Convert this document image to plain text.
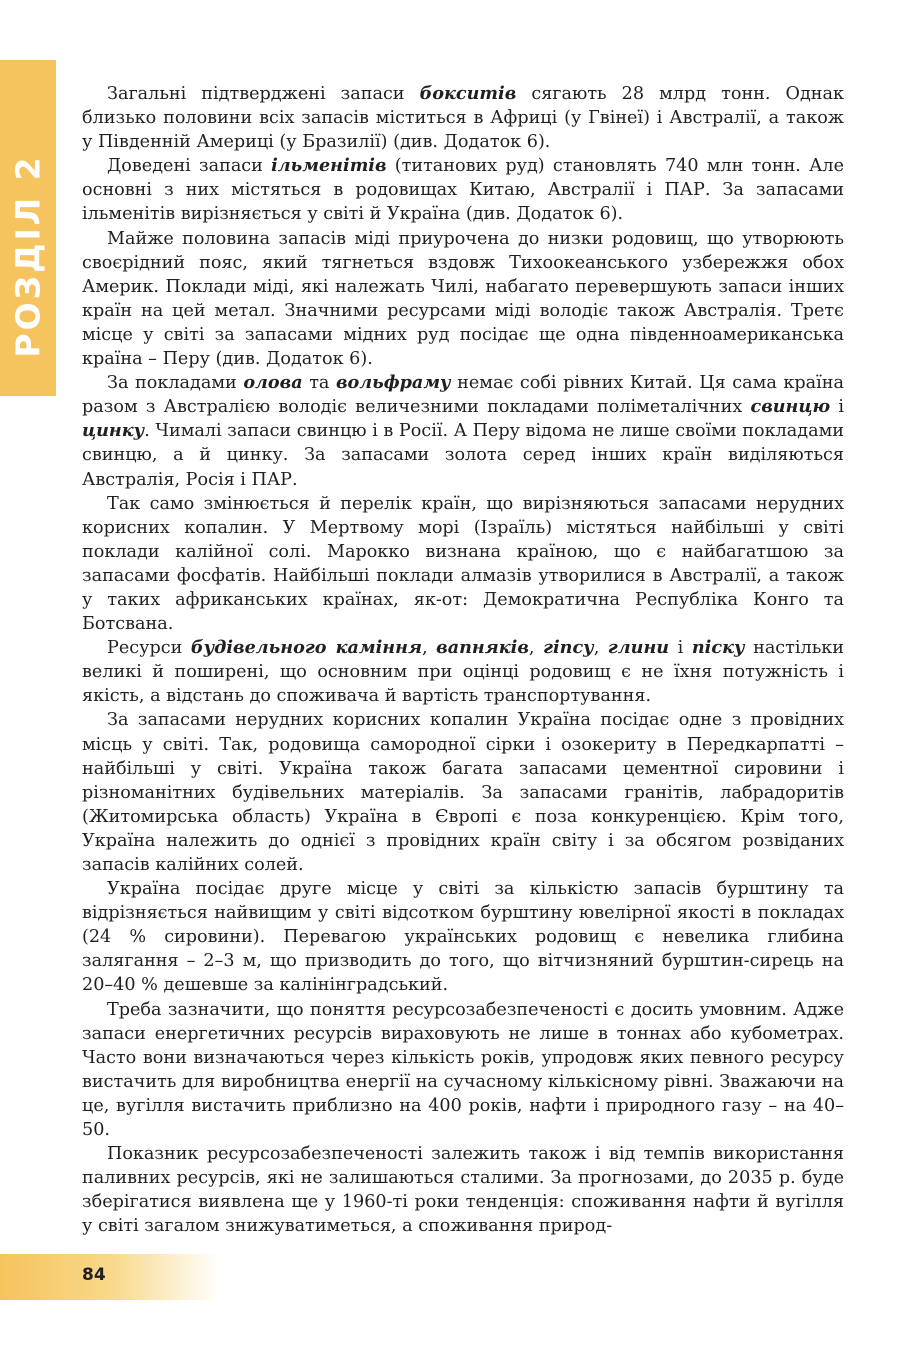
РОЗДІЛ 2

Загальні підтверджені запаси бокситів сягають 28 млрд тонн. Однак близько половини всіх запасів міститься в Африці (у Гвінеї) і Австралії, а також у Південній Америці (у Бразилії) (див. Додаток 6).

Доведені запаси ільменітів (титанових руд) становлять 740 млн тонн. Але основні з них містяться в родовищах Китаю, Австралії і ПАР. За запасами ільменітів вирізняється у світі й Україна (див. Додаток 6).

Майже половина запасів міді приурочена до низки родовищ, що утворюють своєрідний пояс, який тягнеться вздовж Тихоокеанського узбережжя обох Америк. Поклади міді, які належать Чилі, набагато перевершують запаси інших країн на цей метал. Значними ресурсами міді володіє також Австралія. Третє місце у світі за запасами мідних руд посідає ще одна південноамериканська країна – Перу (див. Додаток 6).

За покладами олова та вольфраму немає собі рівних Китай. Ця сама країна разом з Австралією володіє величезними покладами поліметалічних свинцю і цинку. Чималі запаси свинцю і в Росії. А Перу відома не лише своїми покладами свинцю, а й цинку. За запасами золота серед інших країн виділяються Австралія, Росія і ПАР.

Так само змінюється й перелік країн, що вирізняються запасами нерудних корисних копалин. У Мертвому морі (Ізраїль) містяться найбільші у світі поклади калійної солі. Марокко визнана країною, що є найбагатшою за запасами фосфатів. Найбільші поклади алмазів утворилися в Австралії, а також у таких африканських країнах, як-от: Демократична Республіка Конго та Ботсвана.

Ресурси будівельного каміння, вапняків, гіпсу, глини і піску настільки великі й поширені, що основним при оцінці родовищ є не їхня потужність і якість, а відстань до споживача й вартість транспортування.

За запасами нерудних корисних копалин Україна посідає одне з провідних місць у світі. Так, родовища самородної сірки і озокериту в Передкарпатті – найбільші у світі. Україна також багата запасами цементної сировини і різноманітних будівельних матеріалів. За запасами гранітів, лабрадоритів (Житомирська область) Україна в Європі є поза конкуренцією. Крім того, Україна належить до однієї з провідних країн світу і за обсягом розвіданих запасів калійних солей.

Україна посідає друге місце у світі за кількістю запасів бурштину та відрізняється найвищим у світі відсотком бурштину ювелірної якості в покладах (24 % сировини). Перевагою українських родовищ є невелика глибина залягання – 2–3 м, що призводить до того, що вітчизняний бурштин-сирець на 20–40 % дешевше за калінінградський.

Треба зазначити, що поняття ресурсозабезпеченості є досить умовним. Адже запаси енергетичних ресурсів вираховують не лише в тоннах або кубометрах. Часто вони визначаються через кількість років, упродовж яких певного ресурсу вистачить для виробництва енергії на сучасному кількісному рівні. Зважаючи на це, вугілля вистачить приблизно на 400 років, нафти і природного газу – на 40–50.

Показник ресурсозабезпеченості залежить також і від темпів використання паливних ресурсів, які не залишаються сталими. За прогнозами, до 2035 р. буде зберігатися виявлена ще у 1960-ті роки тенденція: споживання нафти й вугілля у світі загалом знижуватиметься, а споживання природ-

84
